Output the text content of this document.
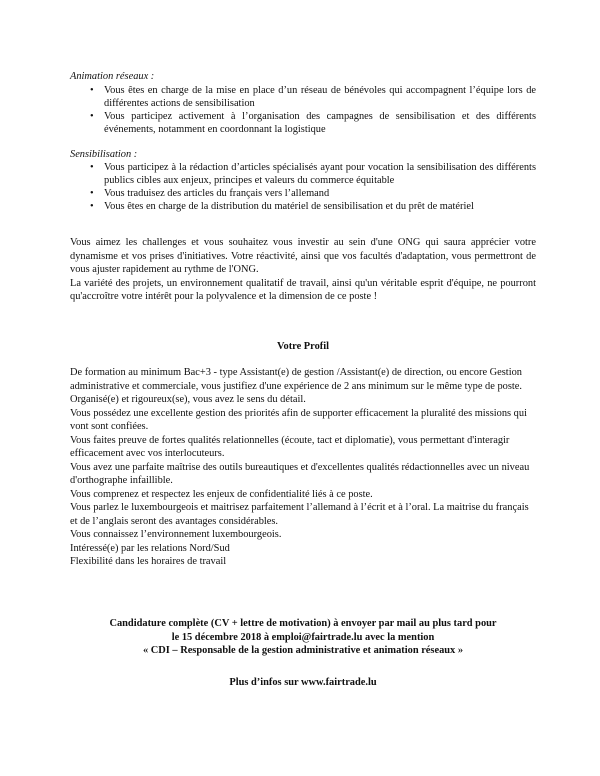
Animation réseaux :
• Vous êtes en charge de la mise en place d’un réseau de bénévoles qui accompagnent l’équipe lors de différentes actions de sensibilisation
• Vous participez activement à l’organisation des campagnes de sensibilisation et des différents événements, notamment en coordonnant la logistique
Sensibilisation :
• Vous participez à la rédaction d’articles spécialisés ayant pour vocation la sensibilisation des différents publics cibles aux enjeux, principes et valeurs du commerce équitable
• Vous traduisez des articles du français vers l’allemand
• Vous êtes en charge de la distribution du matériel de sensibilisation et du prêt de matériel

Vous aimez les challenges et vous souhaitez vous investir au sein d'une ONG qui saura apprécier votre dynamisme et vos prises d'initiatives. Votre réactivité, ainsi que vos facultés d'adaptation, vous permettront de vous ajuster rapidement au rythme de l'ONG.

La variété des projets, un environnement qualitatif de travail, ainsi qu'un véritable esprit d'équipe, ne pourront qu'accroître votre intérêt pour la polyvalence et la dimension de ce poste !

Votre Profil

De formation au minimum Bac+3 - type Assistant(e) de gestion /Assistant(e) de direction, ou encore Gestion administrative et commerciale, vous justifiez d'une expérience de 2 ans minimum sur le même type de poste.

Organisé(e) et rigoureux(se), vous avez le sens du détail.

Vous possédez une excellente gestion des priorités afin de supporter efficacement la pluralité des missions qui vont sont confiées.

Vous faites preuve de fortes qualités relationnelles (écoute, tact et diplomatie), vous permettant d'interagir efficacement avec vos interlocuteurs.

Vous avez une parfaite maîtrise des outils bureautiques et d'excellentes qualités rédactionnelles avec un niveau d'orthographe infaillible.

Vous comprenez et respectez les enjeux de confidentialité liés à ce poste.

Vous parlez le luxembourgeois et maitrisez parfaitement l’allemand à l’écrit et à l’oral. La maitrise du français et de l’anglais seront des avantages considérables.

Vous connaissez l’environnement luxembourgeois.

Intéressé(e) par les relations Nord/Sud

Flexibilité dans les horaires de travail

Candidature complète (CV + lettre de motivation) à envoyer par mail au plus tard pour

le 15 décembre 2018 à emploi@fairtrade.lu avec la mention

« CDI – Responsable de la gestion administrative et animation réseaux »

Plus d’infos sur www.fairtrade.lu
